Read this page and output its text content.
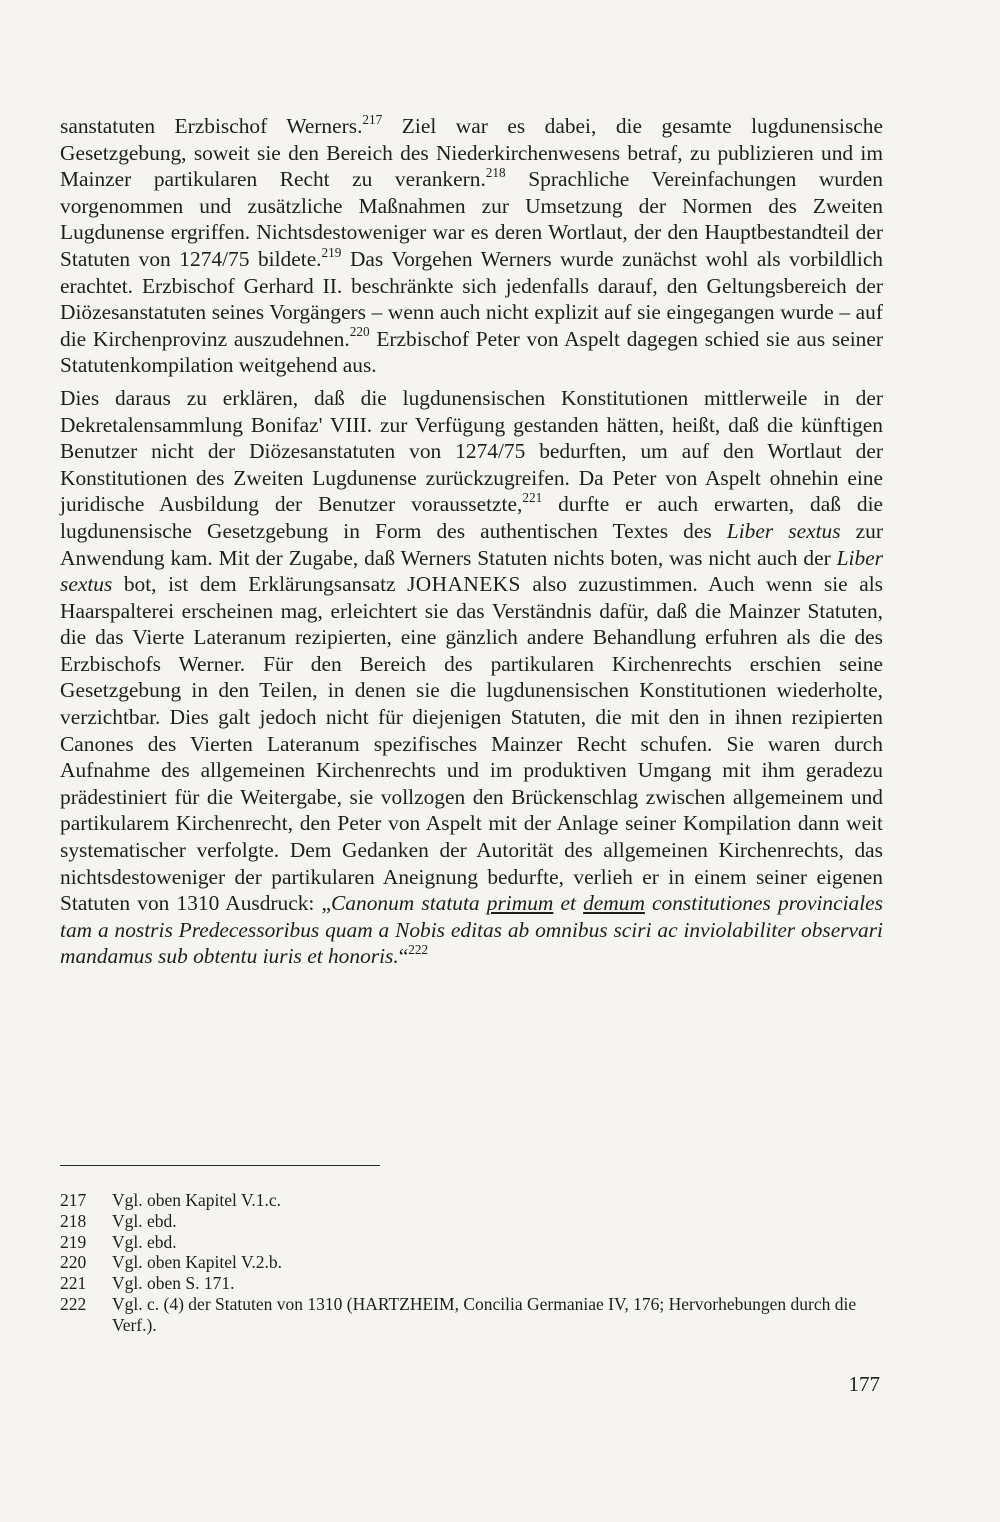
sanstatuten Erzbischof Werners.$^{217}$ Ziel war es dabei, die gesamte lugdunensische Gesetzgebung, soweit sie den Bereich des Niederkirchenwesens betraf, zu publizieren und im Mainzer partikularen Recht zu verankern.$^{218}$ Sprachliche Vereinfachungen wurden vorgenommen und zusätzliche Maßnahmen zur Umsetzung der Normen des Zweiten Lugdunense ergriffen. Nichtsdestoweniger war es deren Wortlaut, der den Hauptbestandteil der Statuten von 1274/75 bildete.$^{219}$ Das Vorgehen Werners wurde zunächst wohl als vorbildlich erachtet. Erzbischof Gerhard II. beschränkte sich jedenfalls darauf, den Geltungsbereich der Diözesanstatuten seines Vorgängers – wenn auch nicht explizit auf sie eingegangen wurde – auf die Kirchenprovinz auszudehnen.$^{220}$ Erzbischof Peter von Aspelt dagegen schied sie aus seiner Statutenkompilation weitgehend aus.

Dies daraus zu erklären, daß die lugdunensischen Konstitutionen mittlerweile in der Dekretalensammlung Bonifaz' VIII. zur Verfügung gestanden hätten, heißt, daß die künftigen Benutzer nicht der Diözesanstatuten von 1274/75 bedurften, um auf den Wortlaut der Konstitutionen des Zweiten Lugdunense zurückzugreifen. Da Peter von Aspelt ohnehin eine juridische Ausbildung der Benutzer voraussetzte,$^{221}$ durfte er auch erwarten, daß die lugdunensische Gesetzgebung in Form des authentischen Textes des Liber sextus zur Anwendung kam. Mit der Zugabe, daß Werners Statuten nichts boten, was nicht auch der Liber sextus bot, ist dem Erklärungsansatz JOHANEKS also zuzustimmen. Auch wenn sie als Haarspalterei erscheinen mag, erleichtert sie das Verständnis dafür, daß die Mainzer Statuten, die das Vierte Lateranum rezipierten, eine gänzlich andere Behandlung erfuhren als die des Erzbischofs Werner. Für den Bereich des partikularen Kirchenrechts erschien seine Gesetzgebung in den Teilen, in denen sie die lugdunensischen Konstitutionen wiederholte, verzichtbar. Dies galt jedoch nicht für diejenigen Statuten, die mit den in ihnen rezipierten Canones des Vierten Lateranum spezifisches Mainzer Recht schufen. Sie waren durch Aufnahme des allgemeinen Kirchenrechts und im produktiven Umgang mit ihm geradezu prädestiniert für die Weitergabe, sie vollzogen den Brückenschlag zwischen allgemeinem und partikularem Kirchenrecht, den Peter von Aspelt mit der Anlage seiner Kompilation dann weit systematischer verfolgte. Dem Gedanken der Autorität des allgemeinen Kirchenrechts, das nichtsdestoweniger der partikularen Aneignung bedurfte, verlieh er in einem seiner eigenen Statuten von 1310 Ausdruck: „Canonum statuta primum et demum constitutiones provinciales tam a nostris Predecessoribus quam a Nobis editas ab omnibus sciri ac inviolabiliter observari mandamus sub obtentu iuris et honoris.“$^{222}$

217	Vgl. oben Kapitel V.1.c.
218	Vgl. ebd.
219	Vgl. ebd.
220	Vgl. oben Kapitel V.2.b.
221	Vgl. oben S. 171.
222	Vgl. c. (4) der Statuten von 1310 (HARTZHEIM, Concilia Germaniae IV, 176; Hervorhebungen durch die Verf.).
177
